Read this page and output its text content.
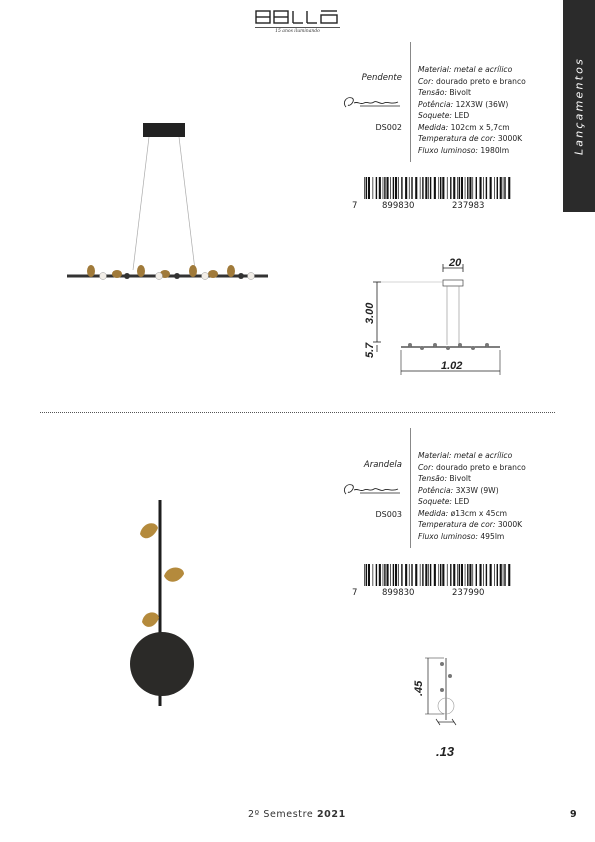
15 anos iluminando
Lançamentos
Pendente
DS002
Material: metal e acrílico
Cor: dourado preto e branco
Tensão: Bivolt
Potência: 12X3W (36W)
Soquete: LED
Medida: 102cm x 5,7cm
Temperatura de cor: 3000K
Fluxo luminoso: 1980lm
7	899830	237983
20
3.00
5.7
1.02
Arandela
DS003
Material: metal e acrílico
Cor: dourado preto e branco
Tensão: Bivolt
Potência: 3X3W (9W)
Soquete: LED
Medida: ø13cm x 45cm
Temperatura de cor: 3000K
Fluxo luminoso: 495lm
7	899830	237990
.45
.13
2º Semestre 2021	9
